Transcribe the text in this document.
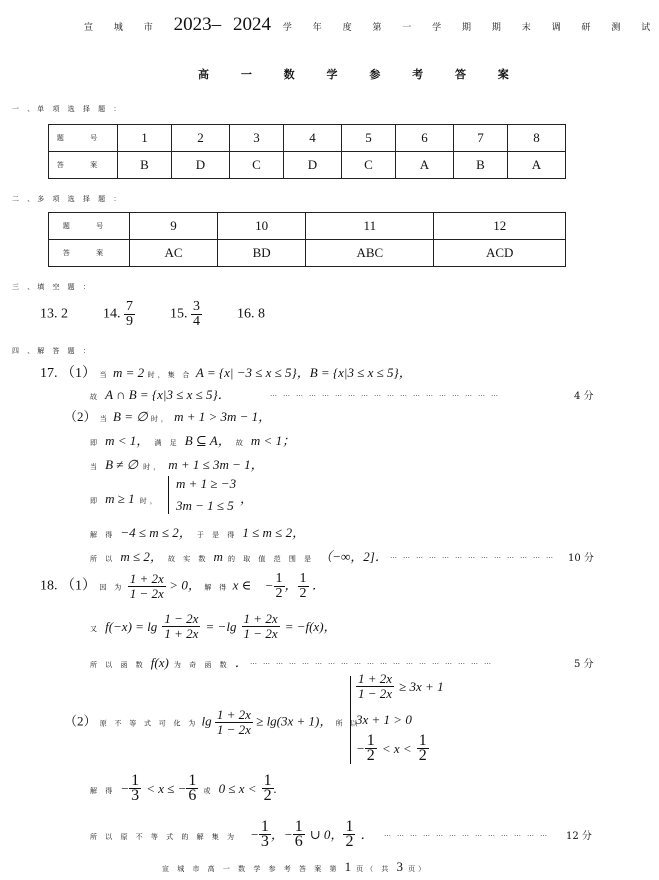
宣 城 市 2023– 2024 学 年 度 第 一 学 期 期 末 调 研 测 试
高 一 数 学 参 考 答 案
一 、单 项 选 择 题 ：
题 号	1	2	3	4	5	6	7	8
答 案	B	D	C	D	C	A	B	A
二 、多 项 选 择 题 ：
题 号	9	10	11	12
答 案	AC	BD	ABC	ACD
三 、填 空 题 ：
13. 2	14. $\frac{7}{9}$	15. $\frac{3}{4}$	16. 8
四 、解 答 题 ：
17. （1） 当 m = 2 时，集 合 A = {x| −3 ≤ x ≤ 5}，B = {x|3 ≤ x ≤ 5}，
故 A ∩ B = {x|3 ≤ x ≤ 5}．	………………………………………………	4 分
（2） 当 B = ∅ 时， m + 1 > 3m − 1，
即 m < 1， 满 足 B ⊆ A， 故 m < 1；
当 B ≠ ∅ 时， m + 1 ≤ 3m − 1，
即 m ≥ 1 时，
m + 1 ≥ −3
3m − 1 ≤ 5 ，
解 得 −4 ≤ m ≤ 2， 于 是 得 1 ≤ m ≤ 2，
所 以 m ≤ 2， 故 实 数 m 的 取 值 范 围 是 （−∞，2]． ………………………………… 10 分
18. （1） 因 为 $\frac{1 + 2x}{1 - 2x} > 0$， 解 得 x ∈ − $\frac{1}{2}$ ， $\frac{1}{2}$ ．
又 $f(-x) = \lg \frac{1 - 2x}{1 + 2x} = -\lg \frac{1 + 2x}{1 - 2x} = -f(x)$，
所 以 函 数 f(x) 为 奇 函 数 ． …………………………………………………	5 分
（2） 原 不 等 式 可 化 为 $\lg \frac{1 + 2x}{1 - 2x} \ge \lg(3x + 1)$， 所 以
$\frac{1 + 2x}{1 - 2x} \ge 3x + 1$
3x + 1 > 0
− $\frac{1}{2} < x < \frac{1}{2}$
解 得 − $\frac{1}{3} < x$ ≤ − $\frac{1}{6}$ 或 $0 \le x < \frac{1}{2}$ .
所 以 原 不 等 式 的 解 集 为 − $\frac{1}{3}$ ，− $\frac{1}{6}$ ∪ 0， $\frac{1}{2}$ ． ………………………………… 12 分
宣 城 市 高 一 数 学 参 考 答 案 第 1 页（ 共 3 页）
